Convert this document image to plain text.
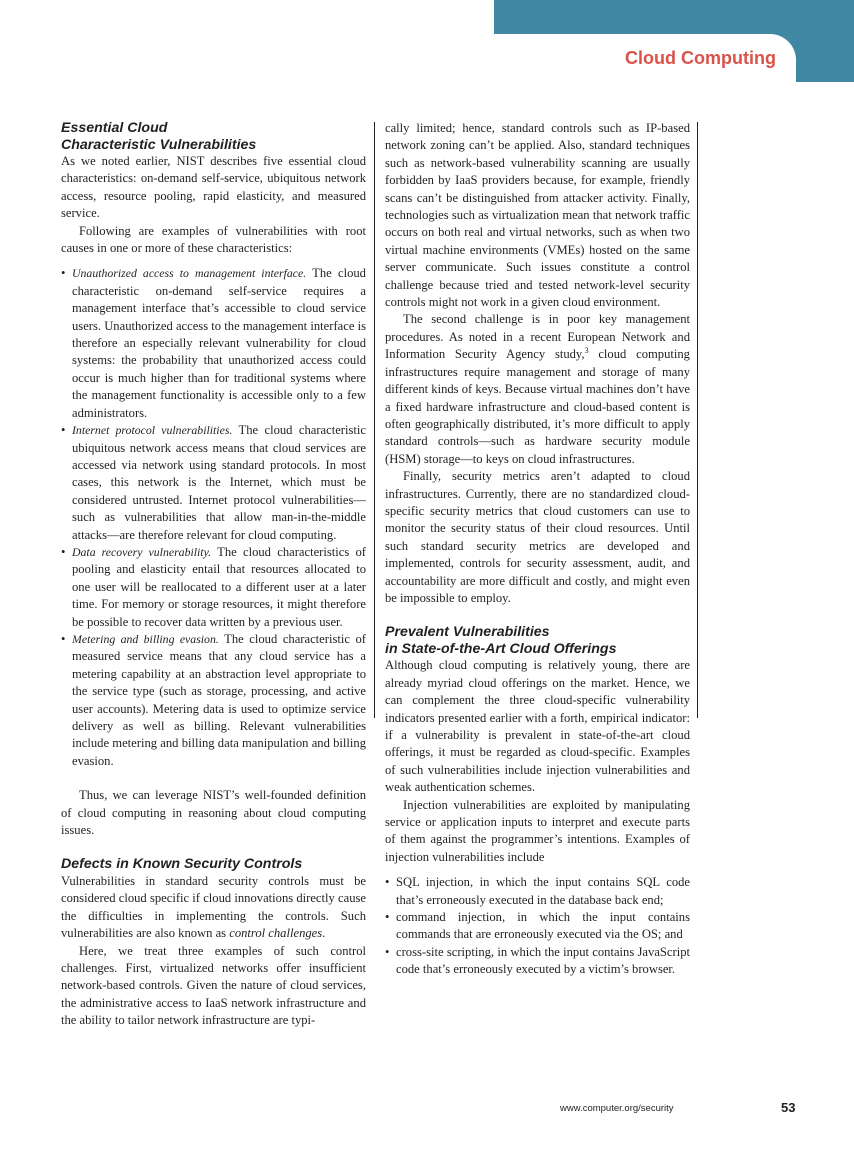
Cloud Computing
Essential Cloud
Characteristic Vulnerabilities

As we noted earlier, NIST describes five essential cloud characteristics: on-demand self-service, ubiquitous network access, resource pooling, rapid elasticity, and measured service.

Following are examples of vulnerabilities with root causes in one or more of these characteristics:

• Unauthorized access to management interface. The cloud characteristic on-demand self-service requires a management interface that’s accessible to cloud service users. Unauthorized access to the management interface is therefore an especially relevant vulnerability for cloud systems: the probability that unauthorized access could occur is much higher than for traditional systems where the management functionality is accessible only to a few administrators.
• Internet protocol vulnerabilities. The cloud characteristic ubiquitous network access means that cloud services are accessed via network using standard protocols. In most cases, this network is the Internet, which must be considered untrusted. Internet protocol vulnerabilities—such as vulnerabilities that allow man-in-the-middle attacks—are therefore relevant for cloud computing.
• Data recovery vulnerability. The cloud characteristics of pooling and elasticity entail that resources allocated to one user will be reallocated to a different user at a later time. For memory or storage resources, it might therefore be possible to recover data written by a previous user.
• Metering and billing evasion. The cloud characteristic of measured service means that any cloud service has a metering capability at an abstraction level appropriate to the service type (such as storage, processing, and active user accounts). Metering data is used to optimize service delivery as well as billing. Relevant vulnerabilities include metering and billing data manipulation and billing evasion.

Thus, we can leverage NIST’s well-founded definition of cloud computing in reasoning about cloud computing issues.

Defects in Known Security Controls

Vulnerabilities in standard security controls must be considered cloud specific if cloud innovations directly cause the difficulties in implementing the controls. Such vulnerabilities are also known as control challenges.

Here, we treat three examples of such control challenges. First, virtualized networks offer insufficient network-based controls. Given the nature of cloud services, the administrative access to IaaS network infrastructure and the ability to tailor network infrastructure are typi-

cally limited; hence, standard controls such as IP-based network zoning can’t be applied. Also, standard techniques such as network-based vulnerability scanning are usually forbidden by IaaS providers because, for example, friendly scans can’t be distinguished from attacker activity. Finally, technologies such as virtualization mean that network traffic occurs on both real and virtual networks, such as when two virtual machine environments (VMEs) hosted on the same server communicate. Such issues constitute a control challenge because tried and tested network-level security controls might not work in a given cloud environment.

The second challenge is in poor key management procedures. As noted in a recent European Network and Information Security Agency study,$^3$ cloud computing infrastructures require management and storage of many different kinds of keys. Because virtual machines don’t have a fixed hardware infrastructure and cloud-based content is often geographically distributed, it’s more difficult to apply standard controls—such as hardware security module (HSM) storage—to keys on cloud infrastructures.

Finally, security metrics aren’t adapted to cloud infrastructures. Currently, there are no standardized cloud-specific security metrics that cloud customers can use to monitor the security status of their cloud resources. Until such standard security metrics are developed and implemented, controls for security assessment, audit, and accountability are more difficult and costly, and might even be impossible to employ.

Prevalent Vulnerabilities
in State-of-the-Art Cloud Offerings

Although cloud computing is relatively young, there are already myriad cloud offerings on the market. Hence, we can complement the three cloud-specific vulnerability indicators presented earlier with a forth, empirical indicator: if a vulnerability is prevalent in state-of-the-art cloud offerings, it must be regarded as cloud-specific. Examples of such vulnerabilities include injection vulnerabilities and weak authentication schemes.

Injection vulnerabilities are exploited by manipulating service or application inputs to interpret and execute parts of them against the programmer’s intentions. Examples of injection vulnerabilities include

• SQL injection, in which the input contains SQL code that’s erroneously executed in the database back end;
• command injection, in which the input contains commands that are erroneously executed via the OS; and
• cross-site scripting, in which the input contains JavaScript code that’s erroneously executed by a victim’s browser.
www.computer.org/security	53
